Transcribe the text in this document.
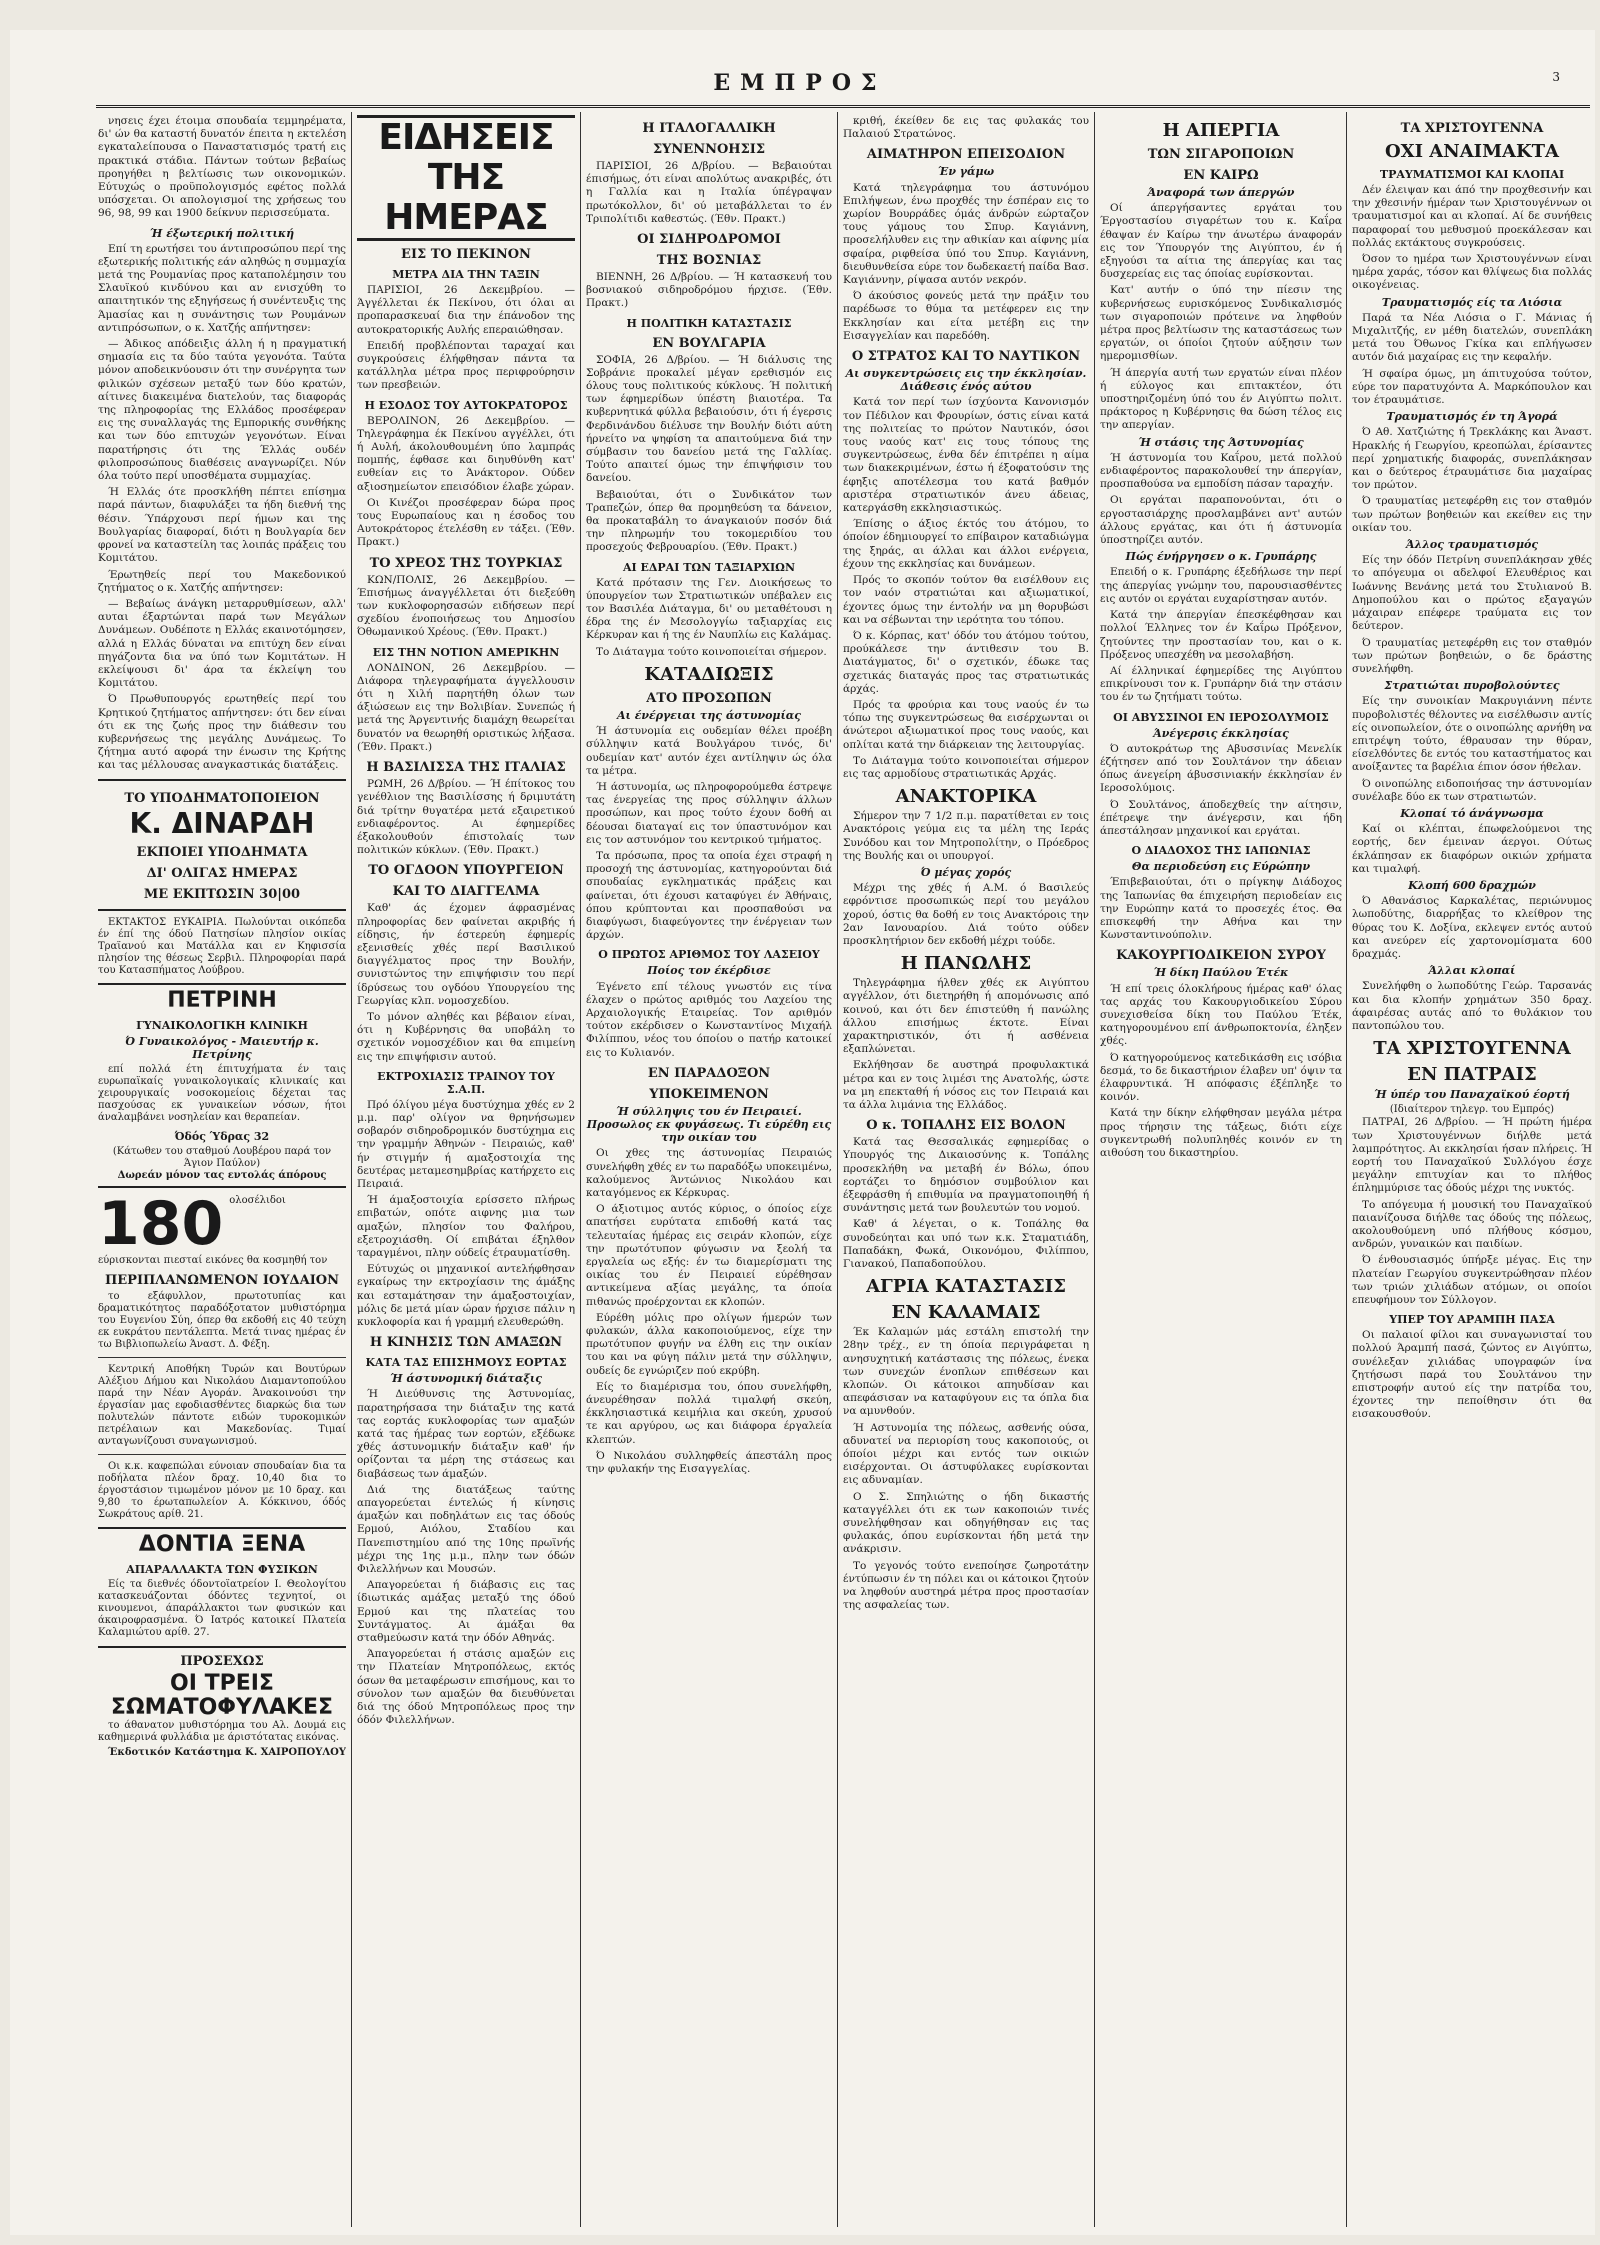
ΕΜΠΡΟΣ	3

νησεις έχει έτοιμα σπουδαία τεμμηρέματα, δι' ών θα καταστή δυνατόν έπειτα η εκτελέση εγκαταλείπουσα ο Παναστατισμός τρατή εις πρακτικά στάδια. Πάντων τούτων βεβαίως προηγήθει η βελτίωσις των οικονομικών. Εύτυχώς ο προϋπολογισμός εφέτος πολλά υπόσχεται. Οι απολογισμοί της χρήσεως του 96, 98, 99 και 1900 δείκνυν περισσεύματα.

Ή έξωτερική πολιτική

Επί τη ερωτήσει του άντιπροσώπου περί της εξωτερικής πολιτικής εάν αληθώς η συμμαχία μετά της Ρουμανίας προς καταπολέμησιν του Σλαυϊκού κινδύνου και αν ενισχύθη το απαιτητικόν της εξηγήσεως ή συνέντευξις της Άμασίας και η συνάντησις των Ρουμάνων αντιπρόσωπων, ο κ. Χατζής απήντησεν:

— Άδικος απόδειξις άλλη ή η πραγματική σημασία εις τα δύο ταύτα γεγονότα. Ταύτα μόνον αποδεικνύουσιν ότι την συνέργητα των φιλικών σχέσεων μεταξύ των δύο κρατών, αίτινες διακειμένα διατελούν, τας διαφοράς της πληροφορίας της Ελλάδος προσέφεραν εις της συναλλαγάς της Εμπορικής συνθήκης και των δύο επιτυχών γεγονότων. Είναι παρατήρησις ότι της Έλλάς ουδέν φιλοπροσώπους διαθέσεις αναγνωρίζει. Νύν όλα τούτο περί υποσθέματα συμμαχίας.

Ή Ελλάς ότε προσκλήθη πέπτει επίσημα παρά πάντων, διαφυλάξει τα ήδη διεθνή της θέσιν. Ύπάρχουσι περί ήμων και της Βουλγαρίας διαφοραί, διότι η Βουλγαρία δεν φρονεί να καταστείλη τας λοιπάς πράξεις του Κομιτάτου.

Έρωτηθείς περί του Μακεδονικού ζητήματος ο κ. Χατζής απήντησεν:

— Βεβαίως άνάγκη μεταρρυθμίσεων, αλλ' αυται έξαρτώνται παρά των Μεγάλων Δυνάμεων. Ουδέποτε η Ελλάς εκαινοτόμησεν, αλλά η Ελλάς δύναται να επιτύχη δεν είναι πηγάζοντα δια να ύπό των Κομιτάτων. Η εκλείψουσι δι' άρα τα έκλείψη του Κομιτάτου.

Ό Πρωθυπουργός ερωτηθείς περί του Κρητικού ζητήματος απήντησεν: ότι δεν είναι ότι εκ της ζωής προς την διάθεσιν του κυβερνήσεως της μεγάλης Δυνάμεως. Το ζήτημα αυτό αφορά την ένωσιν της Κρήτης και τας μέλλουσας αναγκαστικάς διατάξεις.

ΤΟ ΥΠΟΔΗΜΑΤΟΠΟΙΕΙΟΝ
Κ. ΔΙΝΑΡΔΗ
ΕΚΠΟΙΕΙ ΥΠΟΔΗΜΑΤΑ
ΔΙ' ΟΛΙΓΑΣ ΗΜΕΡΑΣ
ΜΕ ΕΚΠΤΩΣΙΝ 30|00

ΕΚΤΑΚΤΟΣ ΕΥΚΑΙΡΙΑ. Πωλούνται οικόπεδα έν έπί της όδού Πατησίων πλησίον οικίας Τραϊανού και Ματάλλα και εν Κηφισσία πλησίον της θέσεως Σερβιλ. Πληροφορίαι παρά του Κατασπήματος Λούβρου.

ΠΕΤΡΙΝΗ
ΓΥΝΑΙΚΟΛΟΓΙΚΗ ΚΛΙΝΙΚΗ
Ό Γυναικολόγος - Μαιευτήρ κ. Πετρίνης

επί πολλά έτη έπιτυχήματα έν ταις ευρωπαϊκαίς γυναικολογικαίς κλινικαίς και χειρουργικαίς νοσοκομείοις δέχεται τας πασχούσας εκ γυναικείων νόσων, ήτοι άναλαμβάνει νοσηλείαν και θεραπείαν.

Όδός Ύδρας 32
(Κάτωθεν του σταθμού Λουβέρου παρά τον Άγιον Παύλον)
Δωρεάν μόνον τας εντολάς άπόρους
180 ολοσέλιδοι εύρισκονται πιεσταί εικόνες θα κοσμηθή τον
ΠΕΡΙΠΛΑΝΩΜΕΝΟΝ ΙΟΥΔΑΙΟΝ

το εξάφυλλον, πρωτοτυπίας και δραματικότητος παραδόξοτατον μυθιστόρημα του Ευγενίου Σύη, όπερ θα εκδοθή εις 40 τεύχη εκ ευκράτου πεντάλεπτα. Μετά τινας ημέρας έν τω Βιβλιοπωλείω Άναστ. Δ. Φέξη.

Κεντρική Αποθήκη Τυρών και Βουτύρων Αλέξιου Δήμου και Νικολάου Διαμαντοπούλου παρά την Νέαν Αγοράν. Άνακοινούσι την έργασίαν μας εφοδιασθέντες διαρκώς δια των πολυτελών πάντοτε ειδών τυροκομικών πετρέλαιων και Μακεδονίας. Τιμαί ανταγωνίζουσι συναγωνισμού.

Οι κ.κ. καφεπώλαι εύνοιαν σπουδαίαν δια τα ποδήλατα πλέον δραχ. 10,40 δια το έργοστάσιον τιμωμένον μόνον με 10 δραχ. και 9,80 το έρωταπωλείον Α. Κόκκινου, όδός Σωκράτους αρίθ. 21.

ΔΟΝΤΙΑ ΞΕΝΑ
ΑΠΑΡΑΛΛΑΚΤΑ ΤΩΝ ΦΥΣΙΚΩΝ

Είς τα διεθνές όδοντοϊατρείον Ι. Θεολογίτου κατασκευάζονται όδόντες τεχνητοί, οι κινουμενοι, άπαράλλακτοι των φυσικών και άκαιροφρασμένα. Ό Ιατρός κατοικεί Πλατεία Καλαμιώτου αρίθ. 27.

ΠΡΟΣΕΧΩΣ
ΟΙ ΤΡΕΙΣ ΣΩΜΑΤΟΦΥΛΑΚΕΣ

το άθανατον μυθιστόρημα του Αλ. Δουμά εις καθημερινά φυλλάδια με άριστότατας εικόνας.

Έκδοτικόν Κατάστημα Κ. ΧΑΙΡΟΠΟΥΛΟΥ
ΕΙΔΗΣΕΙΣ ΤΗΣ ΗΜΕΡΑΣ
ΕΙΣ ΤΟ ΠΕΚΙΝΟΝ
ΜΕΤΡΑ ΔΙΑ ΤΗΝ ΤΑΞΙΝ

ΠΑΡΙΣΙΟΙ, 26 Δεκεμβρίου. — Άγγέλλεται έκ Πεκίνου, ότι όλαι αι προπαρασκευαί δια την έπάνοδον της αυτοκρατορικής Αυλής επεραιώθησαν.

Επειδή προβλέπονται ταραχαί και συγκρούσεις έλήφθησαν πάντα τα κατάλληλα μέτρα προς περιφρούρησιν των πρεσβειών.

Η ΕΣΟΔΟΣ ΤΟΥ ΑΥΤΟΚΡΑΤΟΡΟΣ

ΒΕΡΟΛΙΝΟΝ, 26 Δεκεμβρίου. — Τηλεγράφημα έκ Πεκίνου αγγέλλει, ότι ή Αυλή, άκολουθουμένη ύπο λαμπράς πομπής, έφθασε και διηυθύνθη κατ' ευθείαν εις το Άνάκτορον. Ούδεν αξιοσημείωτον επεισόδιον έλαβε χώραν.

Οι Κινέζοι προσέφεραν δώρα προς τους Ευρωπαίους και η έσοδος του Αυτοκράτορος έτελέσθη εν τάξει. (Έθν. Πρακτ.)

ΤΟ ΧΡΕΟΣ ΤΗΣ ΤΟΥΡΚΙΑΣ

ΚΩΝ/ΠΟΛΙΣ, 26 Δεκεμβρίου. — Έπισήμως άναγγέλλεται ότι διεξεύθη των κυκλοφορησασών ειδήσεων περί σχεδίου ένοποιήσεως του Δημοσίου Όθωμανικού Χρέους. (Έθν. Πρακτ.)

ΕΙΣ ΤΗΝ ΝΟΤΙΟΝ ΑΜΕΡΙΚΗΝ

ΛΟΝΔΙΝΟΝ, 26 Δεκεμβρίου. — Διάφορα τηλεγραφήματα άγγελλουσιν ότι η Χιλή παρητήθη όλων των άξιώσεων εις την Βολιβίαν. Συνεπώς ή μετά της Άργεντινής διαμάχη θεωρείται δυνατόν να θεωρηθή οριστικώς λήξασα. (Έθν. Πρακτ.)

Η ΒΑΣΙΛΙΣΣΑ ΤΗΣ ΙΤΑΛΙΑΣ

ΡΩΜΗ, 26 Δ/βρίου. — Ή έπίτοκος του γενέθλιον της Βασιλίσσης ή δριμυτάτη διά τρίτην θυγατέρα μετά εξαιρετικού ενδιαφέροντος. Αι έφημερίδες έξακολουθούν έπιστολαίς των πολιτικών κύκλων. (Έθν. Πρακτ.)

ΤΟ ΟΓΔΟΟΝ ΥΠΟΥΡΓΕΙΟΝ
ΚΑΙ ΤΟ ΔΙΑΓΓΕΛΜΑ

Καθ' άς έχομεν άφρασμένας πληροφορίας δεν φαίνεται ακριβής ή είδησις, ήν έστερεύη έφημερίς εξενισθείς χθές περί Βασιλικού διαγγέλματος προς την Βουλήν, συνιστώντος την επιψήφισιν του περί ίδρύσεως του ογδόου Υπουργείου της Γεωργίας κλπ. νομοσχεδίου.

Το μόνον αληθές και βέβαιον είναι, ότι η Κυβέρνησις θα υποβάλη το σχετικόν νομοσχέδιον και θα επιμείνη εις την επιψήφισιν αυτού.

ΕΚΤΡΟΧΙΑΣΙΣ ΤΡΑΙΝΟΥ ΤΟΥ Σ.Α.Π.

Πρό όλίγου μέγα δυστύχημα χθές εν 2 μ.μ. παρ' ολίγον να θρηνήσωμεν σοβαρόν σιδηροδρομικόν δυστύχημα εις την γραμμήν Άθηνών - Πειραιώς, καθ' ήν στιγμήν ή αμαξοστοιχία της δευτέρας μεταμεσημβρίας κατήρχετο εις Πειραιά.

Ή άμαξοστοιχία ερίσσετο πλήρως επιβατών, οπότε αιφνης μια των αμαξών, πλησίον του Φαλήρου, εξετροχιάσθη. Οί επιβάται έξηλθον ταραγμένοι, πλην ούδείς έτραυματίσθη.

Εύτυχώς οι μηχανικοί αντελήφθησαν εγκαίρως την εκτροχίασιν της άμάξης και εσταμάτησαν την άμαξοστοιχίαν, μόλις δε μετά μίαν ώραν ήρχισε πάλιν η κυκλοφορία και ή γραμμή ελευθερώθη.

Η ΚΙΝΗΣΙΣ ΤΩΝ ΑΜΑΞΩΝ
ΚΑΤΑ ΤΑΣ ΕΠΙΣΗΜΟΥΣ ΕΟΡΤΑΣ
Ή άστυνομική διάταξις

Ή Διεύθυνσις της Άστυνομίας, παρατηρήσασα την διάταξιν της κατά τας εορτάς κυκλοφορίας των αμαξών κατά τας ήμέρας των εορτών, εξέδωκε χθές άστυνομικήν διάταξιν καθ' ήν ορίζονται τα μέρη της στάσεως και διαβάσεως των άμαξών.

Διά της διατάξεως ταύτης απαγορεύεται έντελώς ή κίνησις άμαξών και ποδηλάτων εις τας όδούς Ερμού, Αιόλου, Σταδίου και Πανεπιστημίου από της 10ης πρωϊνής μέχρι της 1ης μ.μ., πλην των όδών Φιλελλήνων και Μουσών.

Απαγορεύεται ή διάβασις εις τας ίδιωτικάς αμάξας μεταξύ της όδού Ερμού και της πλατείας του Συντάγματος. Αι άμάξαι θα σταθμεύωσιν κατά την όδόν Αθηνάς.

Άπαγορεύεται ή στάσις αμαξών εις την Πλατείαν Μητροπόλεως, εκτός όσων θα μεταφέρωσιν επισήμους, και το σύνολον των αμαξών θα διευθύνεται διά της όδού Μητροπόλεως προς την όδόν Φιλελλήνων.

Η ΙΤΑΛΟΓΑΛΛΙΚΗ
ΣΥΝΕΝΝΟΗΣΙΣ

ΠΑΡΙΣΙΟΙ, 26 Δ/βρίου. — Βεβαιούται έπισήμως, ότι είναι απολύτως ανακριβές, ότι η Γαλλία και η Ιταλία ύπέγραψαν πρωτόκολλον, δι' ού μεταβάλλεται το έν Τριπολίτιδι καθεστώς. (Έθν. Πρακτ.)

ΟΙ ΣΙΔΗΡΟΔΡΟΜΟΙ
ΤΗΣ ΒΟΣΝΙΑΣ

ΒΙΕΝΝΗ, 26 Δ/βρίου. — Ή κατασκευή του βοσνιακού σιδηροδρόμου ήρχισε. (Έθν. Πρακτ.)

Η ΠΟΛΙΤΙΚΗ ΚΑΤΑΣΤΑΣΙΣ
ΕΝ ΒΟΥΛΓΑΡΙΑ

ΣΟΦΙΑ, 26 Δ/βρίου. — Ή διάλυσις της Σοβράνιε προκαλεί μέγαν ερεθισμόν εις όλους τους πολιτικούς κύκλους. Ή πολιτική των έφημερίδων ύπέστη βιαιοτέρα. Τα κυβερνητικά φύλλα βεβαιούσιν, ότι ή έγερσις Φερδινάνδου διέλυσε την Βουλήν διότι αύτη ήρνείτο να ψηφίση τα απαιτούμενα διά την σύμβασιν του δανείου μετά της Γαλλίας. Τούτο απαιτεί όμως την έπιψήφισιν του δανείου.

Βεβαιούται, ότι ο Συνδικάτον των Τραπεζών, όπερ θα προμηθεύση τα δάνειον, θα προκαταβάλη το άναγκαιούν ποσόν διά την πληρωμήν του τοκομεριδίου του προσεχούς Φεβρουαρίου. (Έθν. Πρακτ.)

ΑΙ ΕΔΡΑΙ ΤΩΝ ΤΑΞΙΑΡΧΙΩΝ

Κατά πρότασιν της Γεν. Διοικήσεως το ύπουργείον των Στρατιωτικών υπέβαλεν εις τον Βασιλέα Διάταγμα, δι' ου μεταθέτουσι η έδρα της έν Μεσολογγίω ταξιαρχίας εις Κέρκυραν και ή της έν Ναυπλίω εις Καλάμας.

Το Διάταγμα τούτο κοινοποιείται σήμερον.

ΚΑΤΑΔΙΩΞΙΣ
ΑΤΟ ΠΡΟΣΩΠΩΝ
Αι ένέργειαι της άστυνομίας

Ή άστυνομία εις ουδεμίαν θέλει προέβη σύλληψιν κατά Βουλγάρου τινός, δι' ουδεμίαν κατ' αυτόν έχει αντίληψιν ώς όλα τα μέτρα.

Ή άστυνομία, ως πληροφορούμεθα έστρεψε τας ένεργείας της προς σύλληψιν άλλων προσώπων, και προς τούτο έχουν δοθή αι δέουσαι διαταγαί εις τον ύπαστυνόμον και εις τον αστυνόμον του κεντρικού τμήματος.

Τα πρόσωπα, προς τα οποία έχει στραφή η προσοχή της άστυνομίας, κατηγορούνται διά σπουδαίας εγκληματικάς πράξεις και φαίνεται, ότι έχουσι καταφύγει έν Άθήναις, όπου κρύπτονται και προσπαθούσι να διαφύγωσι, διαφεύγοντες την ένέργειαν των άρχών.

Ο ΠΡΩΤΟΣ ΑΡΙΘΜΟΣ ΤΟΥ ΛΑΣΕΙΟΥ
Ποίος τον έκέρδισε

Έγένετο επί τέλους γνωστόν εις τίνα έλαχεν ο πρώτος αριθμός του Λαχείου της Αρχαιολογικής Εταιρείας. Τον αριθμόν τούτον εκέρδισεν ο Κωνσταντίνος Μιχαήλ Φιλίππου, νέος του όποίου ο πατήρ κατοικεί εις το Κυλιανόν.

ΕΝ ΠΑΡΑΔΟΞΟΝ
ΥΠΟΚΕΙΜΕΝΟΝ
Ή σύλληψις του έν Πειραιεί. Προσωλος εκ φυγάσεως. Τι εύρέθη εις την οικίαν του

Οι χθες της άστυνομίας Πειραιώς συνελήφθη χθές εν τω παραδόξω υποκειμένω, καλούμενος Άντώνιος Νικολάου και καταγόμενος εκ Κέρκυρας.

Ο άξιοτιμος αυτός κύριος, ο όποίος είχε απατήσει ευρύτατα επιδοθή κατά τας τελευταίας ήμέρας εις σειράν κλοπών, είχε την πρωτότυπον φύγωσιν να ξεολή τα εργαλεία ως εξής: έν τω διαμερίσματι της οικίας του έν Πειραιεί εύρέθησαν αντικείμενα αξίας μεγάλης, τα όποία πιθανώς προέρχονται εκ κλοπών.

Εύρέθη μόλις προ ολίγων ήμερών των φυλακών, άλλα κακοποιούμενος, είχε την πρωτότυπον φυγήν να έλθη εις την οικίαν του και να φύγη πάλιν μετά την σύλληψιν, ουδείς δε εγνώριζεν πού εκρύβη.

Είς το διαμέρισμα του, όπου συνελήφθη, άνευρέθησαν πολλά τιμαλφή σκεύη, έκκλησιαστικά κειμήλια και σκεύη, χρυσού τε και αργύρου, ως και διάφορα έργαλεία κλεπτών.

Ό Νικολάου συλληφθείς άπεστάλη προς την φυλακήν της Εισαγγελίας.

κριθή, έκείθεν δε εις τας φυλακάς του Παλαιού Στρατώνος.

ΑΙΜΑΤΗΡΟΝ ΕΠΕΙΣΟΔΙΟΝ
Έν γάμω

Κατά τηλεγράφημα του άστυνόμου Επιλήψεων, ένω προχθές την έσπέραν εις το χωρίον Βουρράδες όμάς άνδρών εώρταζον τους γάμους του Σπυρ. Καγιάννη, προσελήλυθεν εις την αθικίαν και αίφνης μία σφαίρα, ριφθείσα ύπό του Σπυρ. Καγιάννη, διευθυνθείσα εύρε τον δωδεκαετή παίδα Βασ. Καγιάννην, ρίψασα αυτόν νεκρόν.

Ό άκούσιος φονεύς μετά την πράξιν του παρέδωσε το θύμα τα μετέφερεν εις την Εκκλησίαν και είτα μετέβη εις την Εισαγγελίαν και παρεδόθη.

Ο ΣΤΡΑΤΟΣ ΚΑΙ ΤΟ ΝΑΥΤΙΚΟΝ
Αι συγκεντρώσεις εις την έκκλησίαν. Διάθεσις ένός αύτου

Κατά τον περί των ίσχύοντα Κανονισμόν τον Πέδιλον και Φρουρίων, όστις είναι κατά της πολιτείας το πρώτον Ναυτικόν, όσοι τους ναούς κατ' εις τους τόπους της συγκεντρώσεως, ένθα δέν έπιτρέπει η αίμα των διακεκριμένων, έστω ή έξοφατούσιν της έφηξις αποτέλεσμα του κατά βαθμόν αριστέρα στρατιωτικόν άνευ άδειας, κατεργάσθη εκκλησιαστικώς.

Έπίσης ο άξιος έκτός του άτόμου, το όποίον έδημιουργεί το επίβαιρον καταδιώγμα της ξηράς, αι άλλαι και άλλοι ενέργεια, έχουν της εκκλησίας και δυνάμεων.

Πρός το σκοπόν τούτον θα εισέλθουν εις τον ναόν στρατιώται και αξιωματικοί, έχοντες όμως την έντολήν να μη θορυβώσι και να σέβωνται την ιερότητα του τόπου.

Ό κ. Κόρπας, κατ' όδόν του άτόμου τούτου, προύκάλεσε την άντιθεσιν του Β. Διατάγματος, δι' ο σχετικόν, έδωκε τας σχετικάς διαταγάς προς τας στρατιωτικάς άρχάς.

Πρός τα φρούρια και τους ναούς έν τω τόπω της συγκεντρώσεως θα εισέρχωνται οι άνώτεροι αξιωματικοί προς τους ναούς, και οπλίται κατά την διάρκειαν της λειτουργίας.

Το Διάταγμα τούτο κοινοποιείται σήμερον εις τας αρμοδίους στρατιωτικάς Αρχάς.

ΑΝΑΚΤΟΡΙΚΑ

Σήμερον την 7 1/2 π.μ. παρατίθεται εν τοις Ανακτόροις γεύμα εις τα μέλη της Ιεράς Συνόδου και τον Μητροπολίτην, ο Πρόεδρος της Βουλής και οι υπουργοί.

Ό μέγας χορός

Μέχρι της χθές ή Α.Μ. ό Βασιλεύς εφρόντισε προσωπικώς περί του μεγάλου χορού, όστις θα δοθή εν τοις Ανακτόροις την 2αν Ιανουαρίου. Διά τούτο ούδεν προσκλητήριον δεν εκδοθή μέχρι τούδε.

Η ΠΑΝΩΛΗΣ

Τηλεγράφημα ήλθεν χθές εκ Αιγύπτου αγγέλλον, ότι διετηρήθη ή απομόνωσις από κοινού, και ότι δεν έπιστεύθη ή πανώλης άλλου επισήμως έκτοτε. Είναι χαρακτηριστικόν, ότι ή ασθένεια εξαπλώνεται.

Εκλήθησαν δε αυστηρά προφυλακτικά μέτρα και εν τοις λιμέσι της Ανατολής, ώστε να μη επεκταθή ή νόσος εις τον Πειραιά και τα άλλα λιμάνια της Ελλάδος.

Ο κ. ΤΟΠΑΛΗΣ ΕΙΣ ΒΟΛΟΝ

Κατά τας Θεσσαλικάς εφημερίδας ο Υπουργός της Δικαιοσύνης κ. Τοπάλης προσεκλήθη να μεταβή έν Βόλω, όπου εορτάζει το δημόσιον συμβούλιον και έξεφράσθη ή επιθυμία να πραγματοποιηθή ή συνάντησις μετά των βουλευτών του νομού.

Καθ' ά λέγεται, ο κ. Τοπάλης θα συνοδεύηται και υπό των κ.κ. Σταματιάδη, Παπαδάκη, Φωκά, Οικονόμου, Φιλίππου, Γιανακού, Παπαδοπούλου.

ΑΓΡΙΑ ΚΑΤΑΣΤΑΣΙΣ
ΕΝ ΚΑΛΑΜΑΙΣ

Έκ Καλαμών μάς εστάλη επιστολή την 28ην τρέχ., εν τη όποία περιγράφεται η ανησυχητική κατάστασις της πόλεως, ένεκα των συνεχών ένοπλων επιθέσεων και κλοπών. Οι κάτοικοι απηυδίσαν και απεφάσισαν να καταφύγουν εις τα όπλα δια να αμυνθούν.

Ή Αστυνομία της πόλεως, ασθενής ούσα, αδυνατεί να περιορίση τους κακοποιούς, οι όποίοι μέχρι και εντός των οικιών εισέρχονται. Οι άστυφύλακες ευρίσκονται εις αδυναμίαν.

Ο Σ. Σπηλιώτης ο ήδη δικαστής καταγγέλλει ότι εκ των κακοποιών τινές συνελήφθησαν και οδηγήθησαν εις τας φυλακάς, όπου ευρίσκονται ήδη μετά την ανάκρισιν.

Το γεγονός τούτο ενεποίησε ζωηροτάτην έντύπωσιν έν τη πόλει και οι κάτοικοι ζητούν να ληφθούν αυστηρά μέτρα προς προστασίαν της ασφαλείας των.

Η ΑΠΕΡΓΙΑ
ΤΩΝ ΣΙΓΑΡΟΠΟΙΩΝ
ΕΝ ΚΑΙΡΩ
Άναφορά των άπεργών

Οί άπεργήσαντες εργάται του Έργοστασίου σιγαρέτων του κ. Καΐρα έθαψαν έν Καίρω την άνωτέρω άναφοράν εις τον Ύπουργόν της Αιγύπτου, έν ή εξηγούσι τα αίτια της άπεργίας και τας δυσχερείας εις τας όποίας ευρίσκονται.

Κατ' αυτήν ο ύπό την πίεσιν της κυβερνήσεως ευρισκόμενος Συνδικαλισμός των σιγαροποιών πρότεινε να ληφθούν μέτρα προς βελτίωσιν της καταστάσεως των εργατών, οι όποίοι ζητούν αύξησιν των ημερομισθίων.

Ή άπεργία αυτή των εργατών είναι πλέον ή εύλογος και επιτακτέον, ότι υποστηριζομένη ύπό του έν Αιγύπτω πολιτ. πράκτορος η Κυβέρνησις θα δώση τέλος εις την απεργίαν.

Ή στάσις της Άστυνομίας

Ή άστυνομία του Καΐρου, μετά πολλού ενδιαφέροντος παρακολουθεί την άπεργίαν, προσπαθούσα να εμποδίση πάσαν ταραχήν.

Οι εργάται παραπονούνται, ότι ο εργοστασιάρχης προσλαμβάνει αντ' αυτών άλλους εργάτας, και ότι ή άστυνομία ύποστηρίζει αυτόν.

Πώς ένήργησεν ο κ. Γρυπάρης

Επειδή ο κ. Γρυπάρης έξεδήλωσε την περί της άπεργίας γνώμην του, παρουσιασθέντες εις αυτόν οι εργάται ευχαρίστησαν αυτόν.

Κατά την άπεργίαν έπεσκέφθησαν και πολλοί Έλληνες τον έν Καΐρω Πρόξενον, ζητούντες την προστασίαν του, και ο κ. Πρόξενος υπεσχέθη να μεσολαβήση.

Αί έλληνικαί έφημερίδες της Αιγύπτου επικρίνουσι τον κ. Γρυπάρην διά την στάσιν του έν τω ζητήματι τούτω.

ΟΙ ΑΒΥΣΣΙΝΟΙ ΕΝ ΙΕΡΟΣΟΛΥΜΟΙΣ
Άνέγερσις έκκλησίας

Ό αυτοκράτωρ της Αβυσσινίας Μενελίκ έζήτησεν από τον Σουλτάνον την άδειαν όπως άνεγείρη άβυσσινιακήν έκκλησίαν έν Ιεροσολύμοις.

Ό Σουλτάνος, άποδεχθείς την αίτησιν, έπέτρεψε την άνέγερσιν, και ήδη άπεστάλησαν μηχανικοί και εργάται.

Ο ΔΙΑΔΟΧΟΣ ΤΗΣ ΙΑΠΩΝΙΑΣ
Θα περιοδεύση εις Εύρώπην

Έπιβεβαιούται, ότι ο πρίγκηψ Διάδοχος της Ίαπωνίας θα έπιχειρήση περιοδείαν εις την Ευρώπην κατά το προσεχές έτος. Θα επισκεφθή την Αθήνα και την Κωνσταντινούπολιν.

ΚΑΚΟΥΡΓΙΟΔΙΚΕΙΟΝ ΣΥΡΟΥ
Ή δίκη Παύλου Έτέκ

Ή επί τρεις όλοκλήρους ήμέρας καθ' όλας τας αρχάς του Κακουργιοδικείου Σύρου συνεχισθείσα δίκη του Παύλου Έτέκ, κατηγορουμένου επί άνθρωποκτονία, έληξεν χθές.

Ό κατηγορούμενος κατεδικάσθη εις ισόβια δεσμά, το δε δικαστήριον έλαβεν υπ' όψιν τα έλαφρυντικά. Ή απόφασις έξέπληξε το κοινόν.

Κατά την δίκην ελήφθησαν μεγάλα μέτρα προς τήρησιν της τάξεως, διότι είχε συγκεντρωθή πολυπληθές κοινόν εν τη αιθούση του δικαστηρίου.

ΤΑ ΧΡΙΣΤΟΥΓΕΝΝΑ
ΟΧΙ ΑΝΑΙΜΑΚΤΑ
ΤΡΑΥΜΑΤΙΣΜΟΙ ΚΑΙ ΚΛΟΠΑΙ

Δέν έλειψαν και άπό την προχθεσινήν και την χθεσινήν ήμέραν των Χριστουγέννων οι τραυματισμοί και αι κλοπαί. Αί δε συνήθεις παραφοραί του μεθυσμού προεκάλεσαν και πολλάς εκτάκτους συγκρούσεις.

Όσον το ημέρα των Χριστουγέννων είναι ημέρα χαράς, τόσον και θλίψεως δια πολλάς οικογένειας.

Τραυματισμός είς τα Λιόσια

Παρά τα Νέα Λιόσια ο Γ. Μάνιας ή Μιχαλιτζής, εν μέθη διατελών, συνεπλάκη μετά του Όθωνος Γκίκα και επλήγωσεν αυτόν διά μαχαίρας εις την κεφαλήν.

Ή σφαίρα όμως, μη άπιτυχούσα τούτον, εύρε τον παρατυχόντα Α. Μαρκόπουλον και τον έτραυμάτισε.

Τραυματισμός έν τη Άγορά

Ό Αθ. Χατζιώτης ή Τρεκλάκης και Άναστ. Ηρακλής ή Γεωργίου, κρεοπώλαι, έρίσαντες περί χρηματικής διαφοράς, συνεπλάκησαν και ο δεύτερος έτραυμάτισε δια μαχαίρας τον πρώτον.

Ό τραυματίας μετεφέρθη εις τον σταθμόν των πρώτων βοηθειών και εκείθεν εις την οικίαν του.

Άλλος τραυματισμός

Είς την όδόν Πετρίνη συνεπλάκησαν χθές το απόγευμα οι αδελφοί Ελευθέριος και Ιωάννης Βενάνης μετά του Στυλιανού Β. Δημοπούλου και ο πρώτος εξαγαγών μάχαιραν επέφερε τραύματα εις τον δεύτερον.

Ό τραυματίας μετεφέρθη εις τον σταθμόν των πρώτων βοηθειών, ο δε δράστης συνελήφθη.

Στρατιώται πυροβολούντες

Είς την συνοικίαν Μακρυγιάννη πέντε πυροβολιστές θέλοντες να εισέλθωσιν αντίς είς οινοπωλείον, ότε ο οινοπώλης αρνήθη να επιτρέψη τούτο, έθραυσαν την θύραν, είσελθόντες δε εντός του καταστήματος και ανοίξαντες τα βαρέλια έπιον όσον ήθελαν.

Ό οινοπώλης ειδοποιήσας την άστυνομίαν συνέλαβε δύο εκ των στρατιωτών.

Κλοπαί τό άνάγνωσμα

Καί οι κλέπται, έπωφελούμενοι της εορτής, δεν έμειναν άεργοι. Ούτως έκλάπησαν εκ διαφόρων οικιών χρήματα και τιμαλφή.

Κλοπή 600 δραχμών

Ό Αθανάσιος Καρκαλέτας, περιώνυμος λωποδύτης, διαρρήξας το κλείθρον της θύρας του Κ. Δοξίνα, εκλεψεν εντός αυτού και ανεύρεν είς χαρτονομίσματα 600 δραχμάς.

Άλλαι κλοπαί

Συνελήφθη ο λωποδύτης Γεώρ. Ταρσανάς και δια κλοπήν χρημάτων 350 δραχ. άφαιρέσας αυτάς από το θυλάκιον του παντοπώλου του.

ΤΑ ΧΡΙΣΤΟΥΓΕΝΝΑ
ΕΝ ΠΑΤΡΑΙΣ
Ή ύπέρ του Παναχαϊκού έορτή
(Ιδιαίτερον τηλεγρ. του Εμπρός)

ΠΑΤΡΑΙ, 26 Δ/βρίου. — Ή πρώτη ήμέρα των Χριστουγέννων διήλθε μετά λαμπρότητος. Αι εκκλησίαι ήσαν πλήρεις. Ή εορτή του Παναχαϊκού Συλλόγου έσχε μεγάλην επιτυχίαν και το πλήθος έπλημμύρισε τας όδούς μέχρι της νυκτός.

Το απόγευμα ή μουσική του Παναχαϊκού παιανίζουσα διήλθε τας όδούς της πόλεως, ακολουθούμενη υπό πλήθους κόσμου, ανδρών, γυναικών και παιδίων.

Ό ένθουσιασμός ύπήρξε μέγας. Εις την πλατείαν Γεωργίου συγκεντρώθησαν πλέον των τριών χιλιάδων ατόμων, οι οποίοι επευφήμουν τον Σύλλογον.

ΥΠΕΡ ΤΟΥ ΑΡΑΜΠΗ ΠΑΣΑ

Οι παλαιοί φίλοι και συναγωνισταί του πολλού Άραμπή πασά, ζώντος εν Αιγύπτω, συνέλεξαν χιλιάδας υπογραφών ίνα ζητήσωσι παρά του Σουλτάνου την επιστροφήν αυτού είς την πατρίδα του, έχοντες την πεποίθησιν ότι θα εισακουσθούν.
